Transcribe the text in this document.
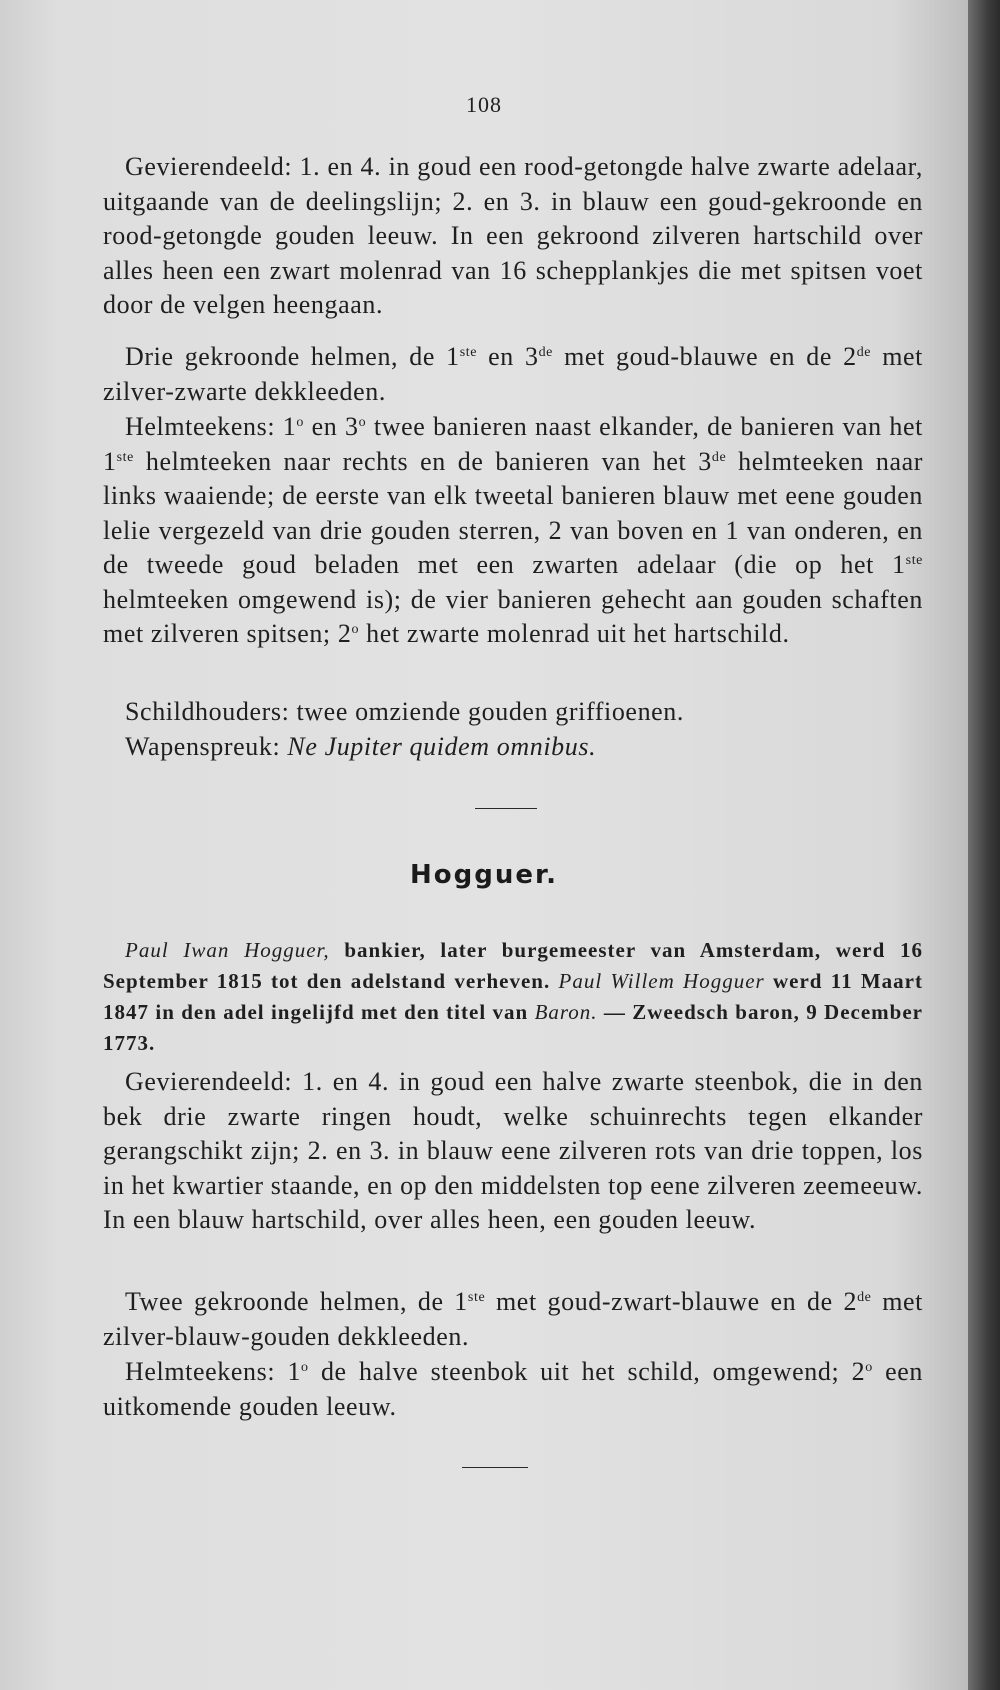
108

Gevierendeeld: 1. en 4. in goud een rood-getongde halve zwarte adelaar, uitgaande van de deelingslijn; 2. en 3. in blauw een goud-gekroonde en rood-getongde gouden leeuw. In een gekroond zilveren hartschild over alles heen een zwart molenrad van 16 schepplankjes die met spitsen voet door de velgen heengaan.

Drie gekroonde helmen, de 1ste en 3de met goud-blauwe en de 2de met zilver-zwarte dekkleeden.

Helmteekens: 1$^o$ en 3$^o$ twee banieren naast elkander, de banieren van het 1ste helmteeken naar rechts en de banieren van het 3de helmteeken naar links waaiende; de eerste van elk tweetal banieren blauw met eene gouden lelie vergezeld van drie gouden sterren, 2 van boven en 1 van onderen, en de tweede goud beladen met een zwarten adelaar (die op het 1ste helmteeken omgewend is); de vier banieren gehecht aan gouden schaften met zilveren spitsen; 2$^o$ het zwarte molenrad uit het hartschild.

Schildhouders: twee omziende gouden griffioenen.

Wapenspreuk: Ne Jupiter quidem omnibus.

Hogguer.

Paul Iwan Hogguer, bankier, later burgemeester van Amsterdam, werd 16 September 1815 tot den adelstand verheven. Paul Willem Hogguer werd 11 Maart 1847 in den adel ingelijfd met den titel van Baron. — Zweedsch baron, 9 December 1773.

Gevierendeeld: 1. en 4. in goud een halve zwarte steenbok, die in den bek drie zwarte ringen houdt, welke schuinrechts tegen elkander gerangschikt zijn; 2. en 3. in blauw eene zilveren rots van drie toppen, los in het kwartier staande, en op den middelsten top eene zilveren zeemeeuw. In een blauw hartschild, over alles heen, een gouden leeuw.

Twee gekroonde helmen, de 1ste met goud-zwart-blauwe en de 2de met zilver-blauw-gouden dekkleeden.

Helmteekens: 1$^o$ de halve steenbok uit het schild, omgewend; 2$^o$ een uitkomende gouden leeuw.
